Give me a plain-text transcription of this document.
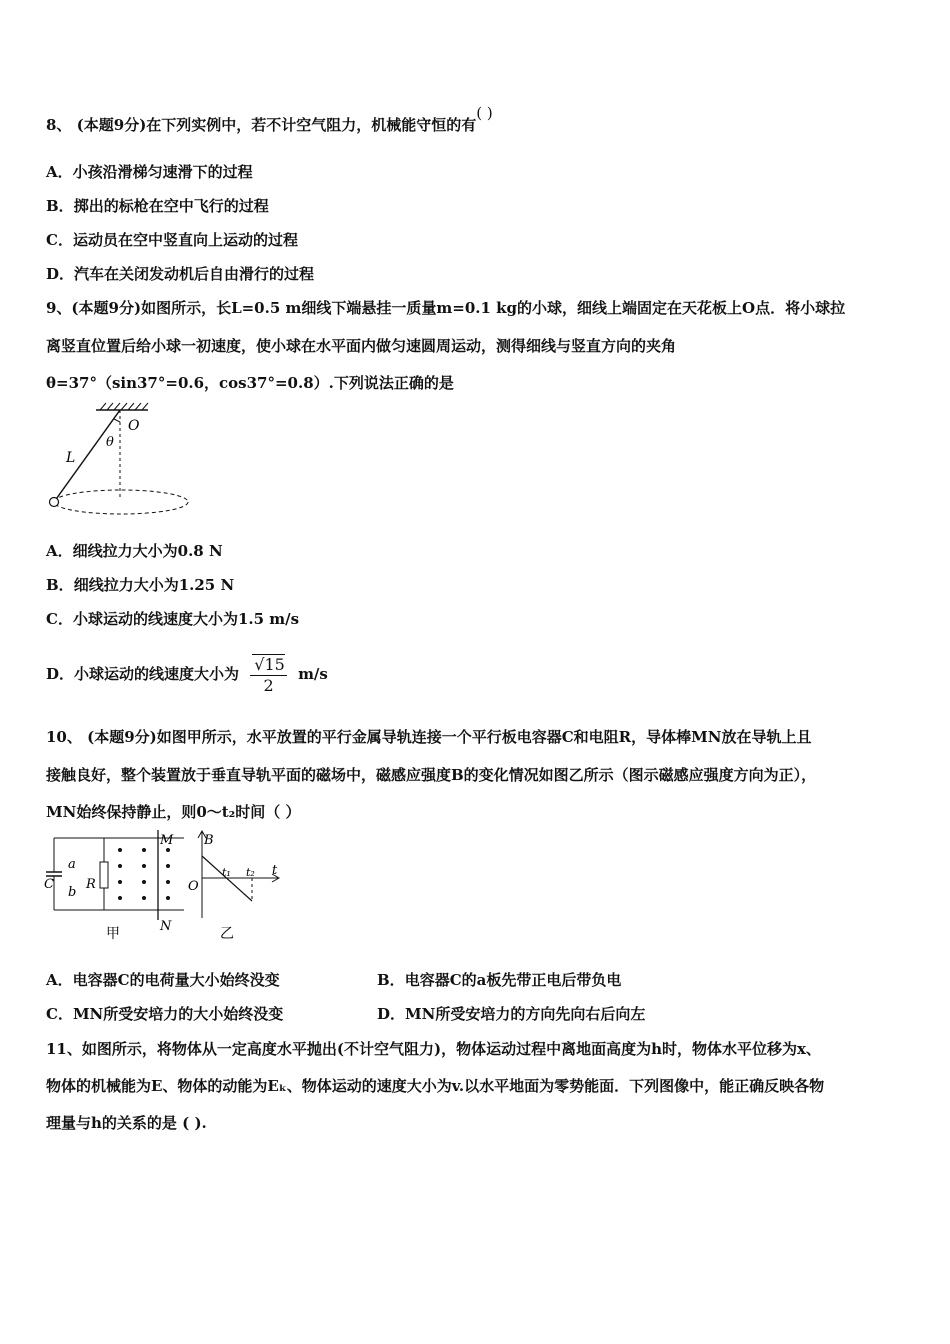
8、 (本题9分)在下列实例中，若不计空气阻力，机械能守恒的有( )
A．小孩沿滑梯匀速滑下的过程
B．掷出的标枪在空中飞行的过程
C．运动员在空中竖直向上运动的过程
D．汽车在关闭发动机后自由滑行的过程
9、(本题9分)如图所示，长L=0.5 m细线下端悬挂一质量m=0.1 kg的小球，细线上端固定在天花板上O点．将小球拉
离竖直位置后给小球一初速度，使小球在水平面内做匀速圆周运动，测得细线与竖直方向的夹角
θ=37°（sin37°=0.6，cos37°=0.8）.下列说法正确的是
O
θ
L
A．细线拉力大小为0.8 N
B．细线拉力大小为1.25 N
C．小球运动的线速度大小为1.5 m/s
D．小球运动的线速度大小为 $\frac{√15}{2} m/s$
10、 (本题9分)如图甲所示，水平放置的平行金属导轨连接一个平行板电容器C和电阻R，导体棒MN放在导轨上且
接触良好，整个装置放于垂直导轨平面的磁场中，磁感应强度B的变化情况如图乙所示（图示磁感应强度方向为正），
MN始终保持静止，则0～t₂时间（ ）
a
b
C R
M
N
甲
B
O
t₁ t₂ t
乙
A．电容器C的电荷量大小始终没变	B．电容器C的a板先带正电后带负电
C．MN所受安培力的大小始终没变	D．MN所受安培力的方向先向右后向左
11、如图所示，将物体从一定高度水平抛出(不计空气阻力)，物体运动过程中离地面高度为h时，物体水平位移为x、
物体的机械能为E、物体的动能为Eₖ、物体运动的速度大小为v.以水平地面为零势能面．下列图像中，能正确反映各物
理量与h的关系的是 ( ).
